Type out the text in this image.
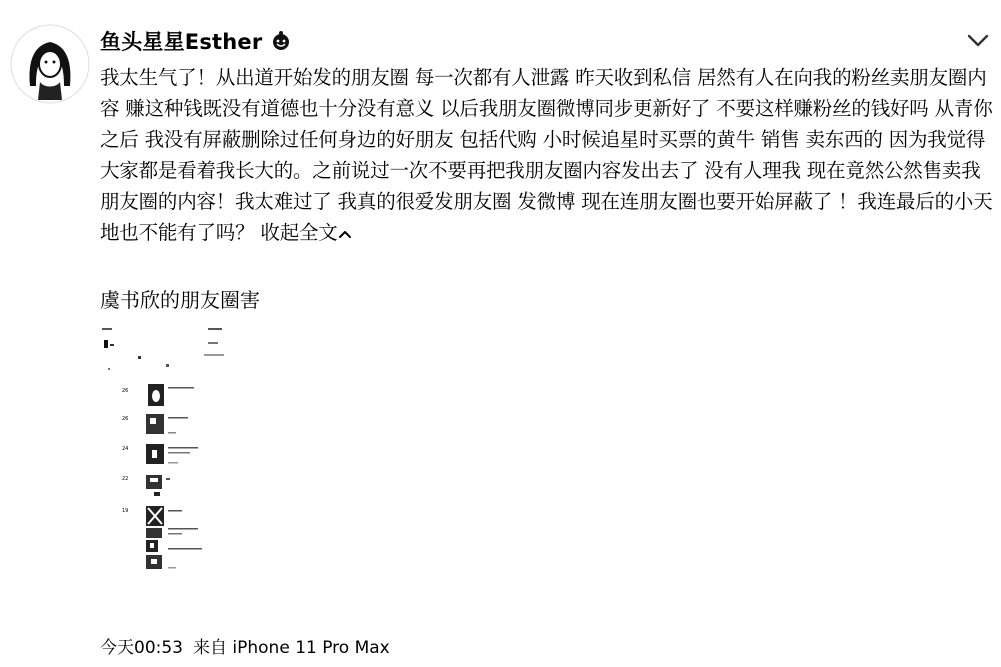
鱼头星星Esther
我太生气了！从出道开始发的朋友圈 每一次都有人泄露 昨天收到私信 居然有人在向我的粉丝卖朋友圈内容 赚这种钱既没有道德也十分没有意义 以后我朋友圈微博同步更新好了 不要这样赚粉丝的钱好吗 从青你之后 我没有屏蔽删除过任何身边的好朋友 包括代购 小时候追星时买票的黄牛 销售 卖东西的 因为我觉得大家都是看着我长大的。之前说过一次不要再把我朋友圈内容发出去了 没有人理我 现在竟然公然售卖我朋友圈的内容！我太难过了 我真的很爱发朋友圈 发微博 现在连朋友圈也要开始屏蔽了 ！我连最后的小天地也不能有了吗？ 收起全文
虞书欣的朋友圈害
26
26
24
22
19
今天00:53 来自 iPhone 11 Pro Max
